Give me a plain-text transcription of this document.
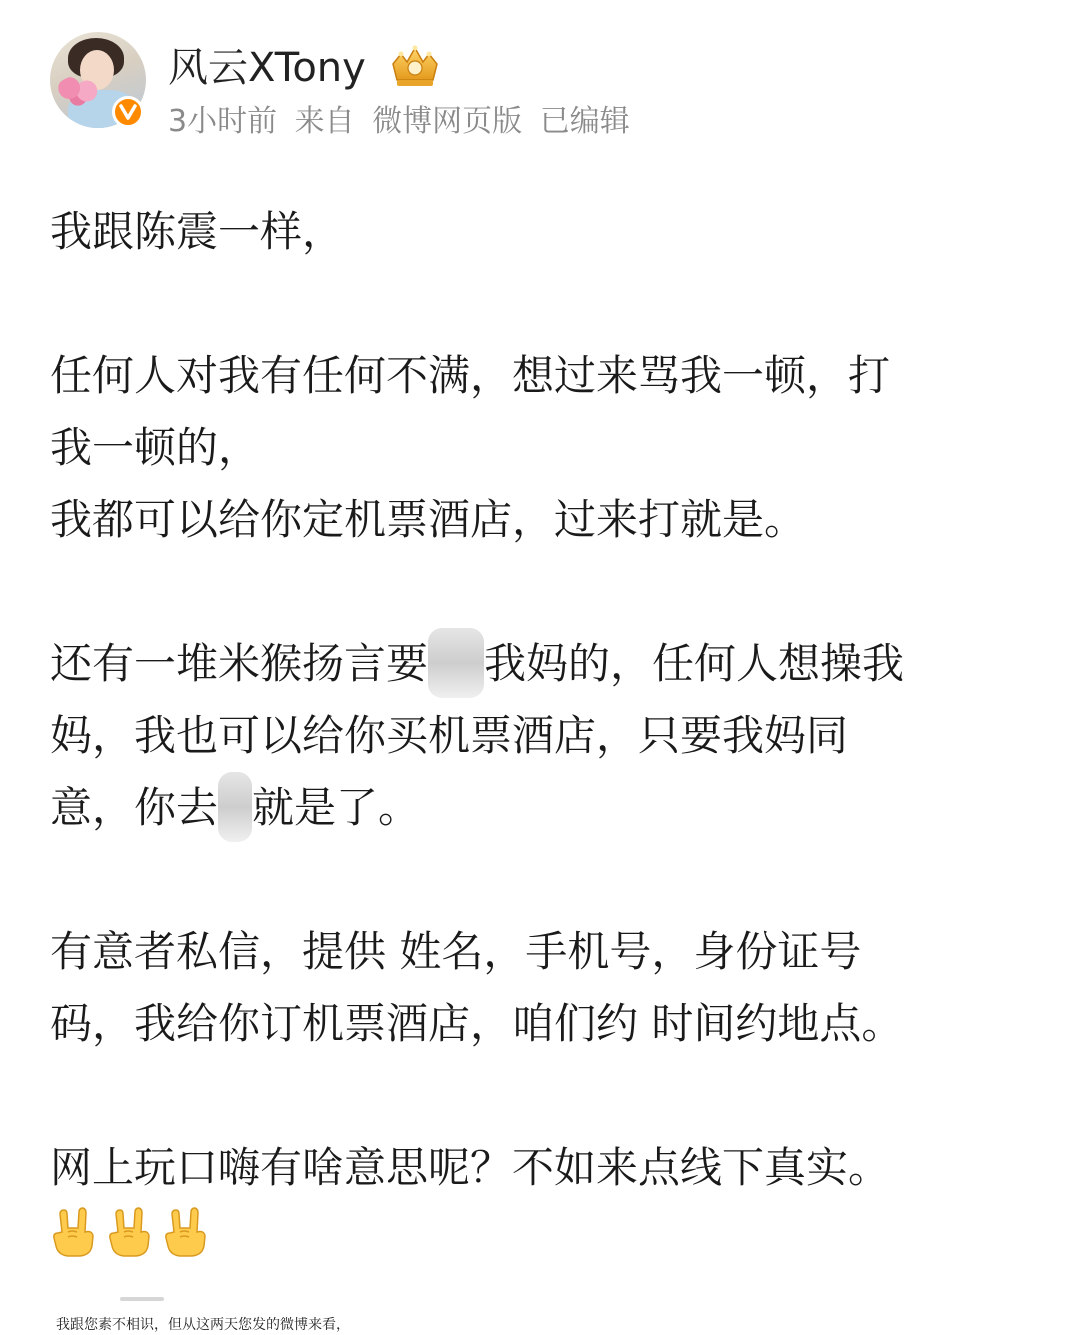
风云XTony
3小时前 来自 微博网页版 已编辑
我跟陈震一样，
任何人对我有任何不满，想过来骂我一顿，打
我一顿的，
我都可以给你定机票酒店，过来打就是。
还有一堆米猴扬言要 我妈的，任何人想操我
妈，我也可以给你买机票酒店，只要我妈同
意，你去 就是了。
有意者私信，提供 姓名，手机号，身份证号
码，我给你订机票酒店，咱们约 时间约地点。
网上玩口嗨有啥意思呢？不如来点线下真实。
我跟您素不相识，但从这两天您发的微博来看，
